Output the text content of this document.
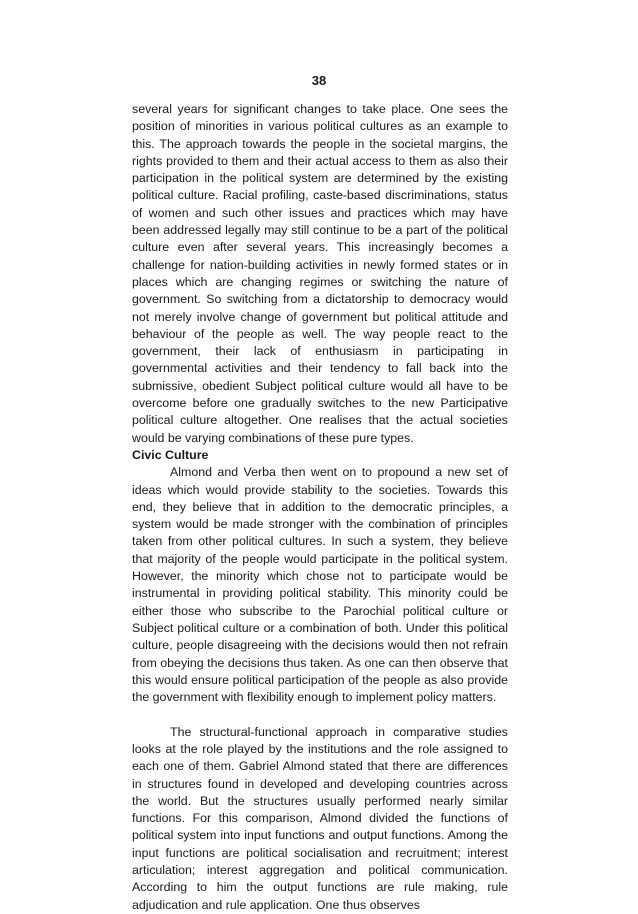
38

several years for significant changes to take place. One sees the position of minorities in various political cultures as an example to this. The approach towards the people in the societal margins, the rights provided to them and their actual access to them as also their participation in the political system are determined by the existing political culture. Racial profiling, caste-based discriminations, status of women and such other issues and practices which may have been addressed legally may still continue to be a part of the political culture even after several years. This increasingly becomes a challenge for nation-building activities in newly formed states or in places which are changing regimes or switching the nature of government. So switching from a dictatorship to democracy would not merely involve change of government but political attitude and behaviour of the people as well. The way people react to the government, their lack of enthusiasm in participating in governmental activities and their tendency to fall back into the submissive, obedient Subject political culture would all have to be overcome before one gradually switches to the new Participative political culture altogether. One realises that the actual societies would be varying combinations of these pure types.

Civic Culture

Almond and Verba then went on to propound a new set of ideas which would provide stability to the societies. Towards this end, they believe that in addition to the democratic principles, a system would be made stronger with the combination of principles taken from other political cultures. In such a system, they believe that majority of the people would participate in the political system. However, the minority which chose not to participate would be instrumental in providing political stability. This minority could be either those who subscribe to the Parochial political culture or Subject political culture or a combination of both. Under this political culture, people disagreeing with the decisions would then not refrain from obeying the decisions thus taken. As one can then observe that this would ensure political participation of the people as also provide the government with flexibility enough to implement policy matters.

The structural-functional approach in comparative studies looks at the role played by the institutions and the role assigned to each one of them. Gabriel Almond stated that there are differences in structures found in developed and developing countries across the world. But the structures usually performed nearly similar functions. For this comparison, Almond divided the functions of political system into input functions and output functions. Among the input functions are political socialisation and recruitment; interest articulation; interest aggregation and political communication. According to him the output functions are rule making, rule adjudication and rule application. One thus observes
